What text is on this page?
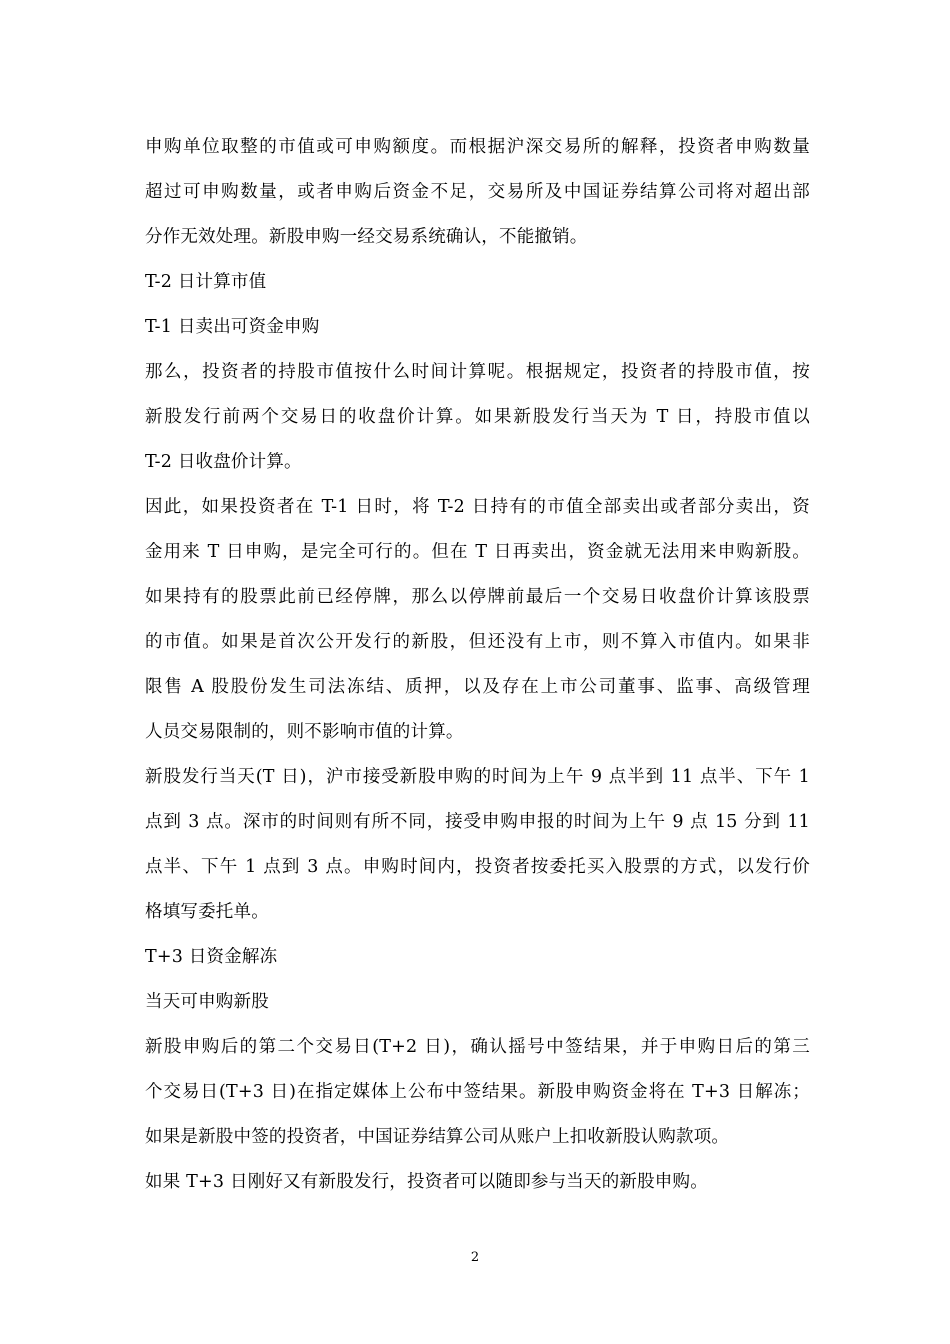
申购单位取整的市值或可申购额度。而根据沪深交易所的解释，投资者申购数量
超过可申购数量，或者申购后资金不足，交易所及中国证券结算公司将对超出部
分作无效处理。新股申购一经交易系统确认，不能撤销。
T-2 日计算市值
T-1 日卖出可资金申购
那么，投资者的持股市值按什么时间计算呢。根据规定，投资者的持股市值，按
新股发行前两个交易日的收盘价计算。如果新股发行当天为 T 日，持股市值以
T-2 日收盘价计算。
因此，如果投资者在 T-1 日时，将 T-2 日持有的市值全部卖出或者部分卖出，资
金用来 T 日申购，是完全可行的。但在 T 日再卖出，资金就无法用来申购新股。
如果持有的股票此前已经停牌，那么以停牌前最后一个交易日收盘价计算该股票
的市值。如果是首次公开发行的新股，但还没有上市，则不算入市值内。如果非
限售 A 股股份发生司法冻结、质押，以及存在上市公司董事、监事、高级管理
人员交易限制的，则不影响市值的计算。
新股发行当天(T 日)，沪市接受新股申购的时间为上午 9 点半到 11 点半、下午 1
点到 3 点。深市的时间则有所不同，接受申购申报的时间为上午 9 点 15 分到 11
点半、下午 1 点到 3 点。申购时间内，投资者按委托买入股票的方式，以发行价
格填写委托单。
T+3 日资金解冻
当天可申购新股
新股申购后的第二个交易日(T+2 日)，确认摇号中签结果，并于申购日后的第三
个交易日(T+3 日)在指定媒体上公布中签结果。新股申购资金将在 T+3 日解冻；
如果是新股中签的投资者，中国证券结算公司从账户上扣收新股认购款项。
如果 T+3 日刚好又有新股发行，投资者可以随即参与当天的新股申购。
2
